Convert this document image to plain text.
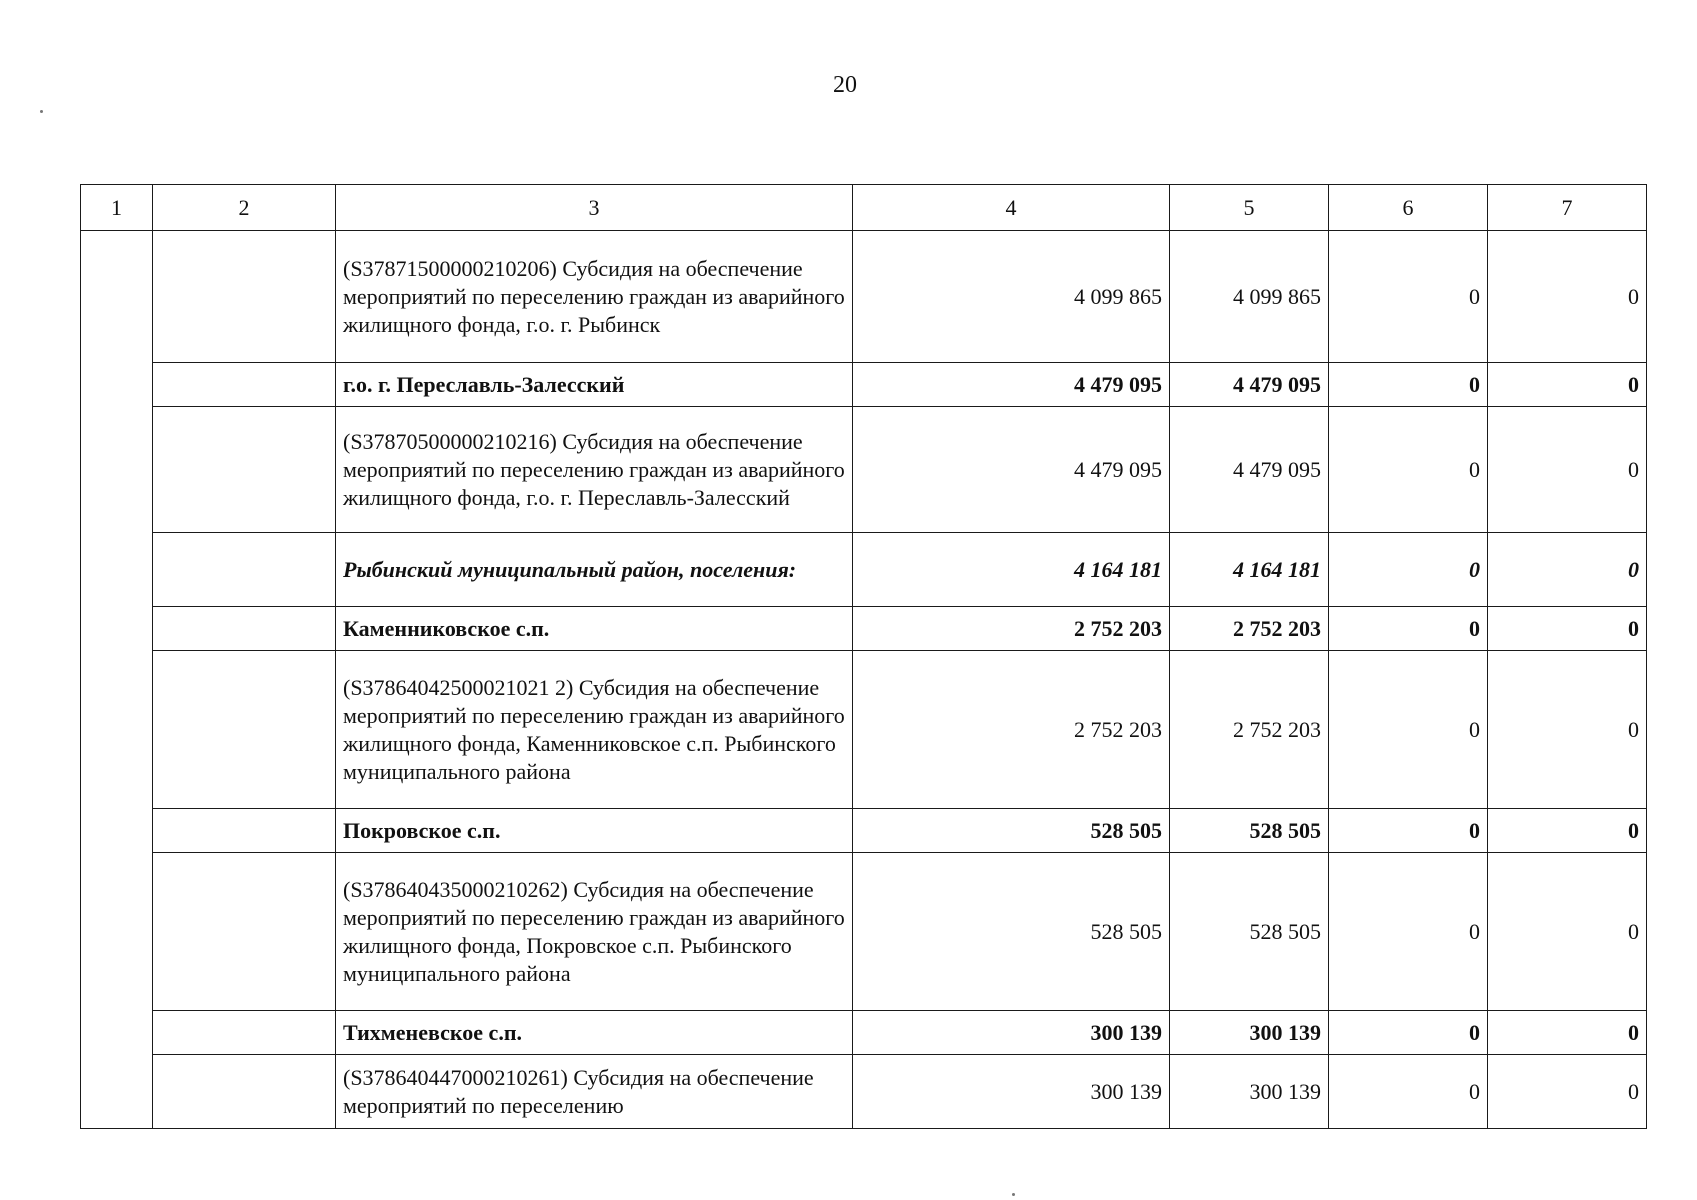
20
1	2	3	4	5	6	7
		(S37871500000210206) Субсидия на обеспечение мероприятий по переселению граждан из аварийного жилищного фонда, г.о. г. Рыбинск	4 099 865	4 099 865	0	0
		г.о. г. Переславль-Залесский	4 479 095	4 479 095	0	0
		(S37870500000210216) Субсидия на обеспечение мероприятий по переселению граждан из аварийного жилищного фонда, г.о. г. Переславль-Залесский	4 479 095	4 479 095	0	0
		Рыбинский муниципальный район, поселения:	4 164 181	4 164 181	0	0
		Каменниковское с.п.	2 752 203	2 752 203	0	0
		(S37864042500021021 2) Субсидия на обеспечение мероприятий по переселению граждан из аварийного жилищного фонда, Каменниковское с.п. Рыбинского муниципального района	2 752 203	2 752 203	0	0
		Покровское с.п.	528 505	528 505	0	0
		(S378640435000210262) Субсидия на обеспечение мероприятий по переселению граждан из аварийного жилищного фонда, Покровское с.п. Рыбинского муниципального района	528 505	528 505	0	0
		Тихменевское с.п.	300 139	300 139	0	0
		(S378640447000210261) Субсидия на обеспечение мероприятий по переселению	300 139	300 139	0	0
